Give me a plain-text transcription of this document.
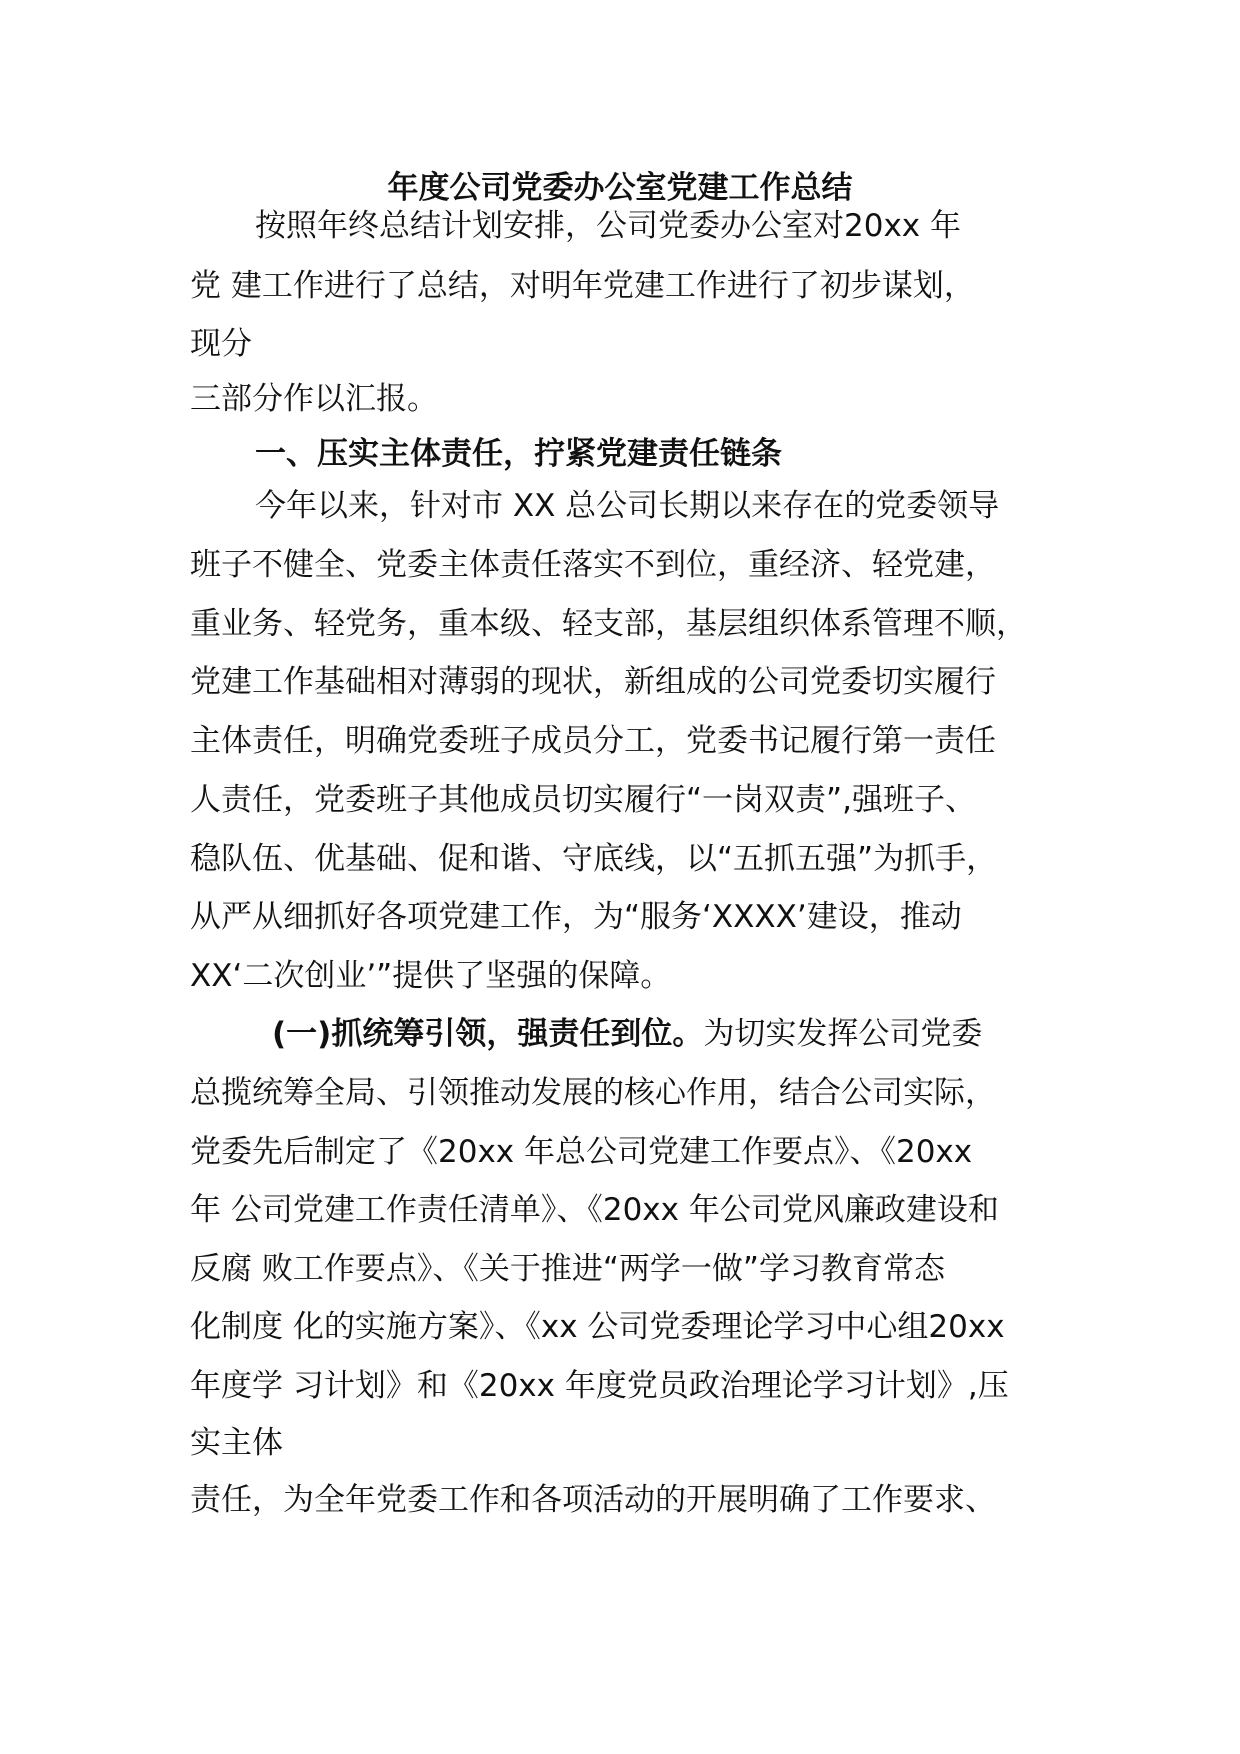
年度公司党委办公室党建工作总结
按照年终总结计划安排，公司党委办公室对20xx 年
党 建工作进行了总结，对明年党建工作进行了初步谋划，
现分
三部分作以汇报。
一、压实主体责任，拧紧党建责任链条
今年以来，针对市 XX 总公司长期以来存在的党委领导
班子不健全、党委主体责任落实不到位，重经济、轻党建，
重业务、轻党务，重本级、轻支部，基层组织体系管理不顺，
党建工作基础相对薄弱的现状，新组成的公司党委切实履行
主体责任，明确党委班子成员分工，党委书记履行第一责任
人责任，党委班子其他成员切实履行“一岗双责”,强班子、
稳队伍、优基础、促和谐、守底线，以“五抓五强”为抓手，
从严从细抓好各项党建工作，为“服务‘XXXX’建设，推动
XX‘二次创业’”提供了坚强的保障。
(一)抓统筹引领，强责任到位。为切实发挥公司党委
总揽统筹全局、引领推动发展的核心作用，结合公司实际，
党委先后制定了《20xx 年总公司党建工作要点》、《20xx
年 公司党建工作责任清单》、《20xx 年公司党风廉政建设和
反腐 败工作要点》、《关于推进“两学一做”学习教育常态
化制度 化的实施方案》、《xx 公司党委理论学习中心组20xx
年度学 习计划》和《20xx 年度党员政治理论学习计划》,压
实主体
责任，为全年党委工作和各项活动的开展明确了工作要求、
